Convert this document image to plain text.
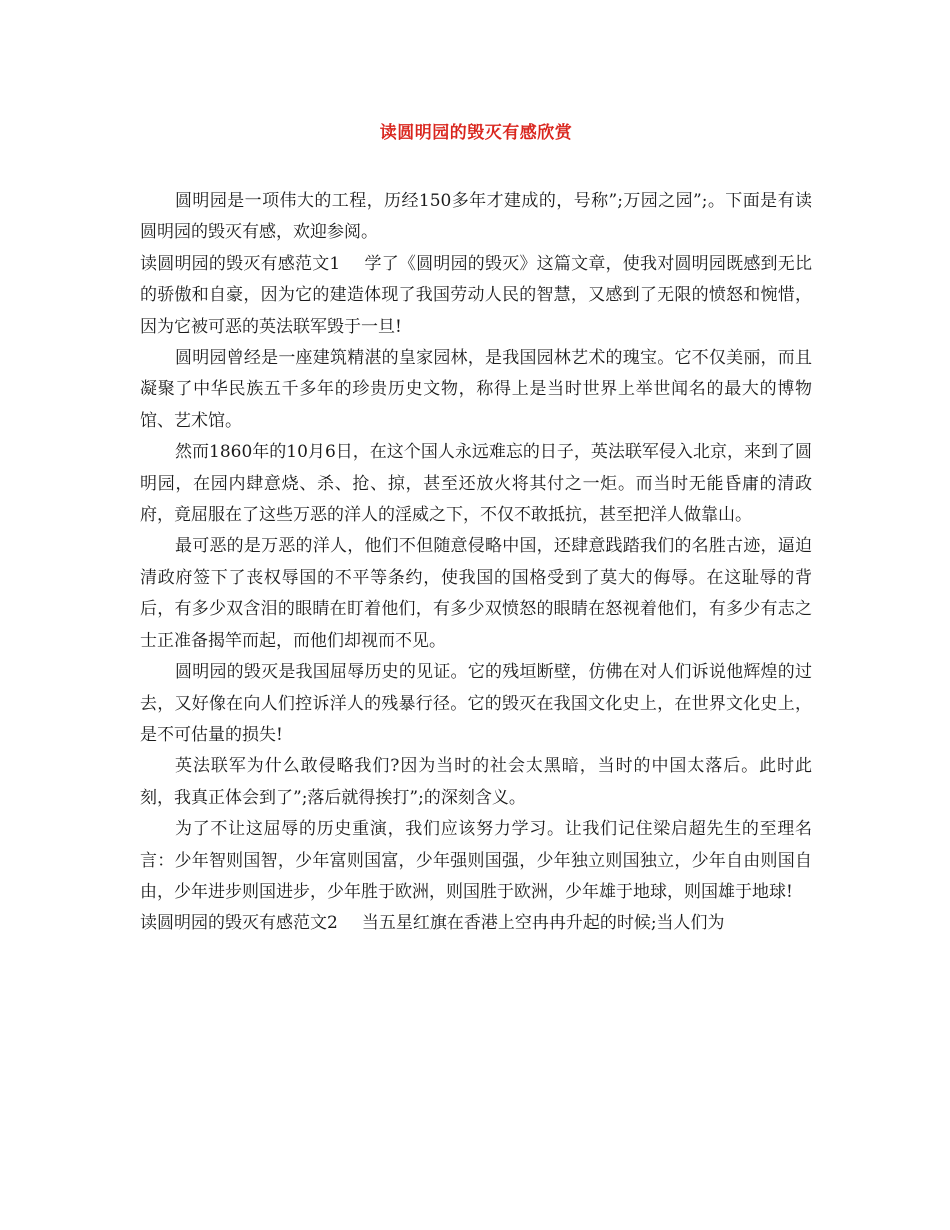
读圆明园的毁灭有感欣赏

圆明园是一项伟大的工程，历经150多年才建成的，号称”;万园之园”;。下面是有读圆明园的毁灭有感，欢迎参阅。

读圆明园的毁灭有感范文1 学了《圆明园的毁灭》这篇文章，使我对圆明园既感到无比的骄傲和自豪，因为它的建造体现了我国劳动人民的智慧，又感到了无限的愤怒和惋惜，因为它被可恶的英法联军毁于一旦!

圆明园曾经是一座建筑精湛的皇家园林，是我国园林艺术的瑰宝。它不仅美丽，而且凝聚了中华民族五千多年的珍贵历史文物，称得上是当时世界上举世闻名的最大的博物馆、艺术馆。

然而1860年的10月6日，在这个国人永远难忘的日子，英法联军侵入北京，来到了圆明园，在园内肆意烧、杀、抢、掠，甚至还放火将其付之一炬。而当时无能昏庸的清政府，竟屈服在了这些万恶的洋人的淫威之下，不仅不敢抵抗，甚至把洋人做靠山。

最可恶的是万恶的洋人，他们不但随意侵略中国，还肆意践踏我们的名胜古迹，逼迫清政府签下了丧权辱国的不平等条约，使我国的国格受到了莫大的侮辱。在这耻辱的背后，有多少双含泪的眼睛在盯着他们，有多少双愤怒的眼睛在怒视着他们，有多少有志之士正准备揭竿而起，而他们却视而不见。

圆明园的毁灭是我国屈辱历史的见证。它的残垣断壁，仿佛在对人们诉说他辉煌的过去，又好像在向人们控诉洋人的残暴行径。它的毁灭在我国文化史上，在世界文化史上，是不可估量的损失!

英法联军为什么敢侵略我们?因为当时的社会太黑暗，当时的中国太落后。此时此刻，我真正体会到了”;落后就得挨打”;的深刻含义。

为了不让这屈辱的历史重演，我们应该努力学习。让我们记住梁启超先生的至理名言：少年智则国智，少年富则国富，少年强则国强，少年独立则国独立，少年自由则国自由，少年进步则国进步，少年胜于欧洲，则国胜于欧洲，少年雄于地球，则国雄于地球!

读圆明园的毁灭有感范文2 当五星红旗在香港上空冉冉升起的时候;当人们为
